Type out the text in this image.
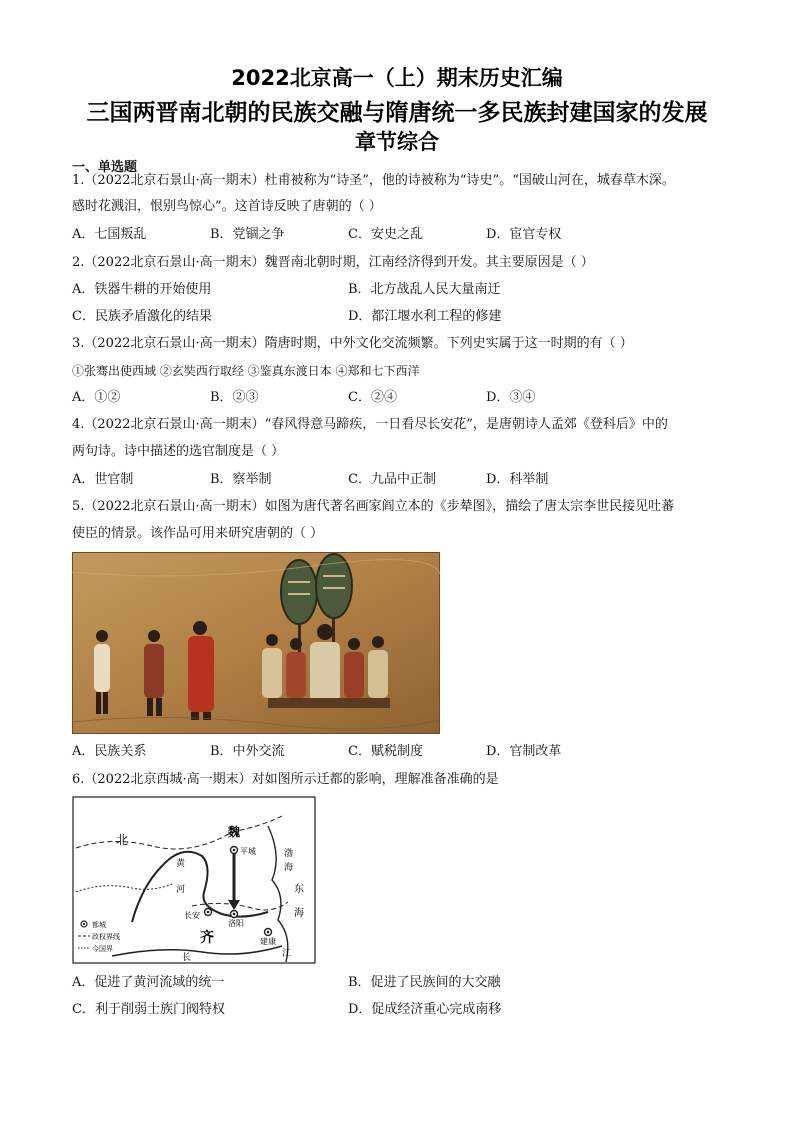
2022北京高一（上）期末历史汇编
三国两晋南北朝的民族交融与隋唐统一多民族封建国家的发展
章节综合
一、单选题
1.（2022北京石景山·高一期末）杜甫被称为“诗圣”，他的诗被称为“诗史”。“国破山河在，城春草木深。
感时花溅泪，恨别鸟惊心”。这首诗反映了唐朝的（ ）
A．七国叛乱	B．党锢之争	C．安史之乱	D．宦官专权
2.（2022北京石景山·高一期末）魏晋南北朝时期，江南经济得到开发。其主要原因是（ ）
A．铁器牛耕的开始使用	B．北方战乱人民大量南迁
C．民族矛盾激化的结果	D．都江堰水利工程的修建
3.（2022北京石景山·高一期末）隋唐时期，中外文化交流频繁。下列史实属于这一时期的有（ ）
①张骞出使西域 ②玄奘西行取经 ③鉴真东渡日本 ④郑和七下西洋
A．①②	B．②③	C．②④	D．③④
4.（2022北京石景山·高一期末）“春风得意马蹄疾，一日看尽长安花”，是唐朝诗人孟郊《登科后》中的
两句诗。诗中描述的选官制度是（ ）
A．世官制	B．察举制	C．九品中正制	D．科举制
5.（2022北京石景山·高一期末）如图为唐代著名画家阎立本的《步辇图》，描绘了唐太宗李世民接见吐蕃
使臣的情景。该作品可用来研究唐朝的（ ）
A．民族关系	B．中外交流	C．赋税制度	D．官制改革
6.（2022北京西城·高一期末）对如图所示迁都的影响，理解准备准确的是
北
魏
平城
长安
洛阳
建康
齐
渤
海
东
海
黄
河
长	江
都城
政权界线
今国界
A．促进了黄河流域的统一	B．促进了民族间的大交融
C．利于削弱士族门阀特权	D．促成经济重心完成南移
